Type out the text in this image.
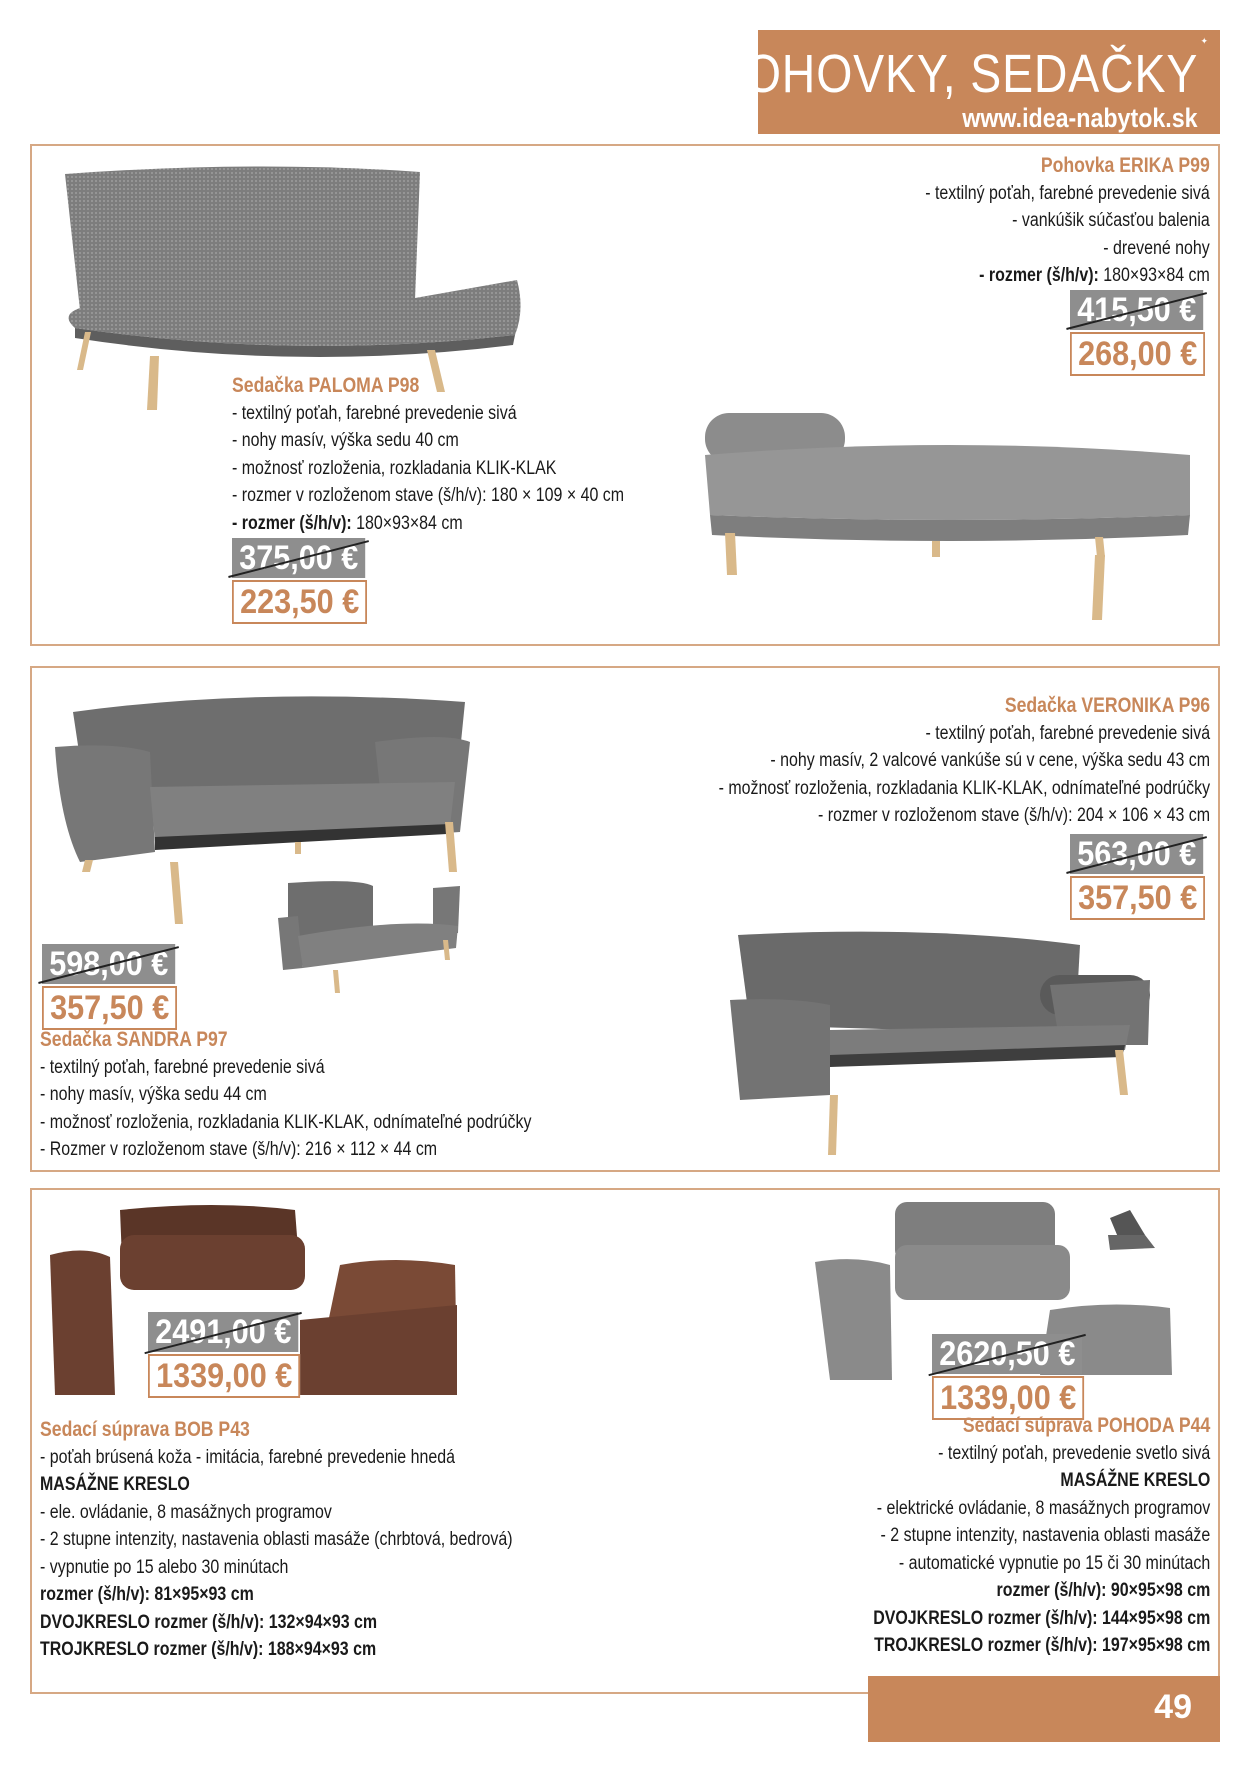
✦
POHOVKY, SEDAČKY
www.idea-nabytok.sk
Pohovka ERIKA P99
- textilný poťah, farebné prevedenie sivá
- vankúšik súčasťou balenia
- drevené nohy
- rozmer (š/h/v): 180×93×84 cm
415,50 €
268,00 €
Sedačka PALOMA P98
- textilný poťah, farebné prevedenie sivá
- nohy masív, výška sedu 40 cm
- možnosť rozloženia, rozkladania KLIK-KLAK
- rozmer v rozloženom stave (š/h/v): 180 × 109 × 40 cm
- rozmer (š/h/v): 180×93×84 cm
375,00 €
223,50 €
Sedačka VERONIKA P96
- textilný poťah, farebné prevedenie sivá
- nohy masív, 2 valcové vankúše sú v cene, výška sedu 43 cm
- možnosť rozloženia, rozkladania KLIK-KLAK, odnímateľné podrúčky
- rozmer v rozloženom stave (š/h/v): 204 × 106 × 43 cm
563,00 €
357,50 €
598,00 €
357,50 €
Sedačka SANDRA P97
- textilný poťah, farebné prevedenie sivá
- nohy masív, výška sedu 44 cm
- možnosť rozloženia, rozkladania KLIK-KLAK, odnímateľné podrúčky
- Rozmer v rozloženom stave (š/h/v): 216 × 112 × 44 cm
2491,00 €
1339,00 €
Sedací súprava BOB P43
- poťah brúsená koža - imitácia, farebné prevedenie hnedá
MASÁŽNE KRESLO
- ele. ovládanie, 8 masážnych programov
- 2 stupne intenzity, nastavenia oblasti masáže (chrbtová, bedrová)
- vypnutie po 15 alebo 30 minútach
rozmer (š/h/v): 81×95×93 cm
DVOJKRESLO rozmer (š/h/v): 132×94×93 cm
TROJKRESLO rozmer (š/h/v): 188×94×93 cm
2620,50 €
1339,00 €
Sedací súprava POHODA P44
- textilný poťah, prevedenie svetlo sivá
MASÁŽNE KRESLO
- elektrické ovládanie, 8 masážnych programov
- 2 stupne intenzity, nastavenia oblasti masáže
- automatické vypnutie po 15 či 30 minútach
rozmer (š/h/v): 90×95×98 cm
DVOJKRESLO rozmer (š/h/v): 144×95×98 cm
TROJKRESLO rozmer (š/h/v): 197×95×98 cm
49
